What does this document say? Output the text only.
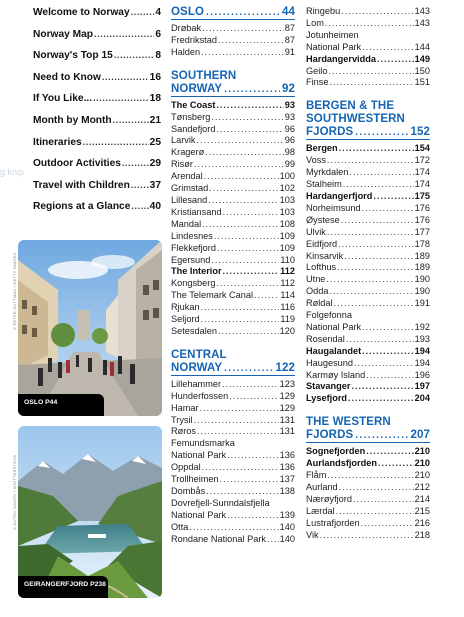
Welcome to Norway .....	4
Norway Map .....	6
Norway's Top 15 .....	8
Need to Know .....	16
If You Like... .....	18
Month by Month .....	21
Itineraries .....	25
Outdoor Activities .....	29
Travel with Children ..... 37
Regions at a Glance ..... 40
g knip
OSLO P44
© PETER GUTTMAN / GETTY IMAGES
GEIRANGERFJORD P238
© ANTON IVANOV / SHUTTERSTOCK
OSLO .....	44
Drøbak .....	87
Fredrikstad .....	87
Halden .....	91
SOUTHERN
NORWAY .....	92
The Coast .....	93
Tønsberg .....	93
Sandefjord .....	96
Larvik .....	96
Kragerø .....	98
Risør .....	99
Arendal .....	100
Grimstad .....	102
Lillesand .....	103
Kristiansand .....	103
Mandal .....	108
Lindesnes .....	109
Flekkefjord .....	109
Egersund .....	110
The Interior .....	112
Kongsberg .....	112
The Telemark Canal .....	114
Rjukan .....	116
Seljord .....	119
Setesdalen .....	120
CENTRAL
NORWAY .....	122
Lillehammer .....	123
Hunderfossen .....	129
Hamar .....	129
Trysil .....	131
Røros .....	131
Femundsmarka
National Park .....	136
Oppdal .....	136
Trollheimen .....	137
Dombås .....	138
Dovrefjell-Sunndalsfjella
National Park .....	139
Otta .....	140
Rondane National Park ..... 140
Ringebu .....	143
Lom .....	143
Jotunheimen
National Park .....	144
Hardangervidda .....	149
Geilo .....	150
Finse .....	151
BERGEN & THE
SOUTHWESTERN
FJORDS .....	152
Bergen .....	154
Voss .....	172
Myrkdalen .....	174
Stalheim .....	174
Hardangerfjord .....	175
Norheimsund .....	176
Øystese .....	176
Ulvik .....	177
Eidfjord .....	178
Kinsarvik .....	189
Lofthus .....	189
Utne .....	190
Odda .....	190
Røldal .....	191
Folgefonna
National Park .....	192
Rosendal .....	193
Haugalandet .....	194
Haugesund .....	194
Karmøy Island .....	196
Stavanger .....	197
Lysefjord .....	204
THE WESTERN
FJORDS .....	207
Sognefjorden .....	210
Aurlandsfjorden .....	210
Flåm .....	210
Aurland .....	212
Nærøyfjord .....	214
Lærdal .....	215
Lustrafjorden .....	216
Vik .....	218
